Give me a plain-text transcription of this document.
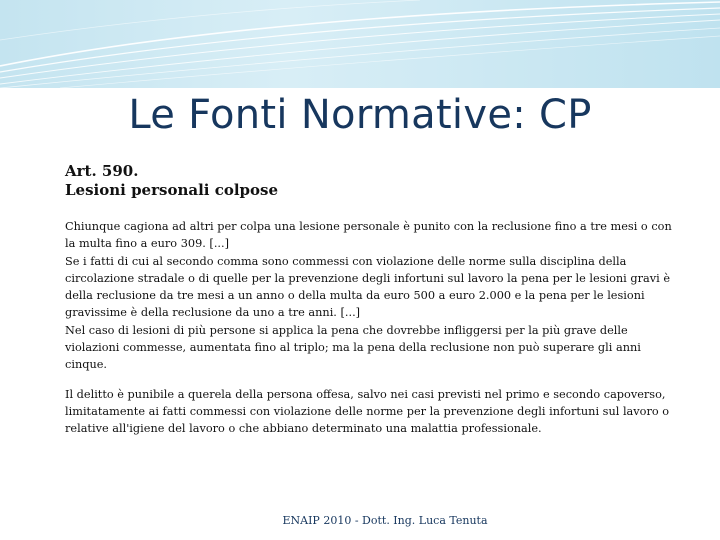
Le Fonti Normative: CP
Art. 590.
Lesioni personali colpose

Chiunque cagiona ad altri per colpa una lesione personale è punito con la reclusione fino a tre mesi o con la multa fino a euro 309. [...]

Se i fatti di cui al secondo comma sono commessi con violazione delle norme sulla disciplina della circolazione stradale o di quelle per la prevenzione degli infortuni sul lavoro la pena per le lesioni gravi è della reclusione da tre mesi a un anno o della multa da euro 500 a euro 2.000 e la pena per le lesioni gravissime è della reclusione da uno a tre anni. [...]

Nel caso di lesioni di più persone si applica la pena che dovrebbe infliggersi per la più grave delle violazioni commesse, aumentata fino al triplo; ma la pena della reclusione non può superare gli anni cinque.

Il delitto è punibile a querela della persona offesa, salvo nei casi previsti nel primo e secondo capoverso, limitatamente ai fatti commessi con violazione delle norme per la prevenzione degli infortuni sul lavoro o relative all'igiene del lavoro o che abbiano determinato una malattia professionale.

ENAIP 2010 - Dott. Ing. Luca Tenuta
